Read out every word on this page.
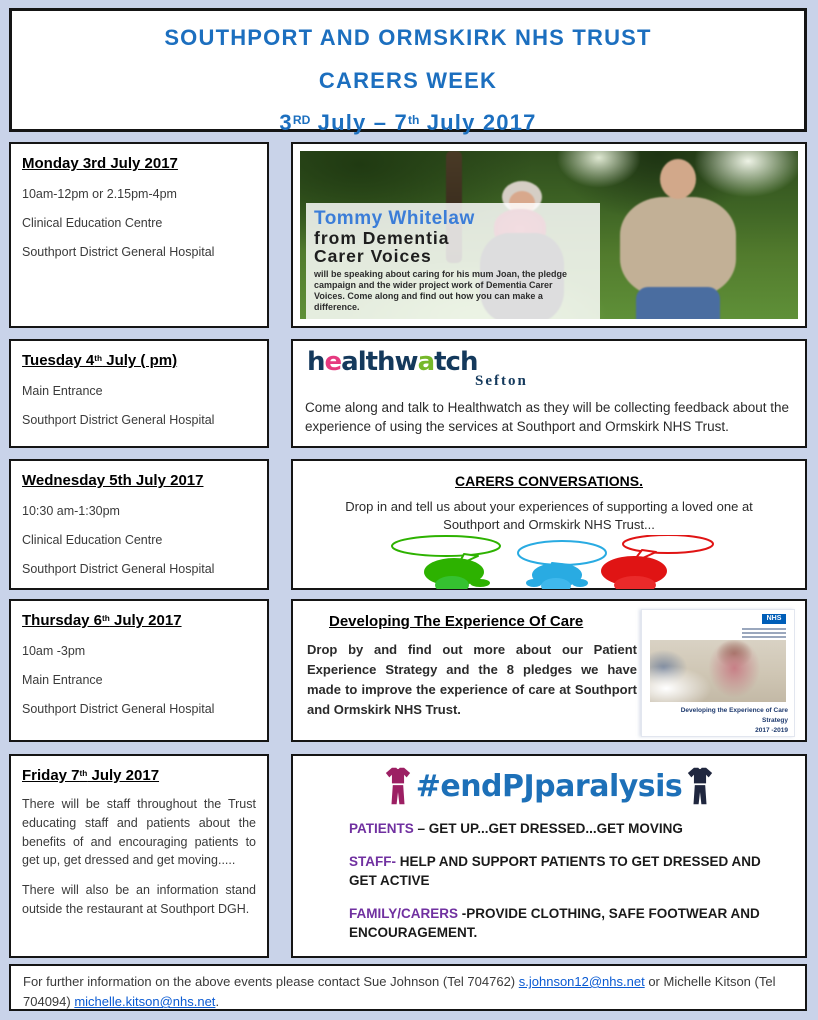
SOUTHPORT AND ORMSKIRK NHS TRUST

CARERS WEEK

3RD July – 7th July 2017

Monday 3rd July 2017

10am-12pm or 2.15pm-4pm

Clinical Education Centre

Southport District General Hospital

Tommy Whitelaw

from Dementia

Carer Voices

will be speaking about caring for his mum Joan, the pledge campaign and the wider project work of Dementia Carer Voices. Come along and find out how you can make a difference.

Tuesday 4th July ( pm)

Main Entrance

Southport District General Hospital

healthwatch

Sefton

Come along and talk to Healthwatch as they will be collecting feedback about the experience of using the services at Southport and Ormskirk NHS Trust.

Wednesday 5th July 2017

10:30 am-1:30pm

Clinical Education Centre

Southport District General Hospital

CARERS CONVERSATIONS.

Drop in and tell us about your experiences of supporting a loved one at Southport and Ormskirk NHS Trust...

Thursday 6th July 2017

10am -3pm

Main Entrance

Southport District General Hospital

Developing The Experience Of Care

Drop by and find out more about our Patient Experience Strategy and the 8 pledges we have made to improve the experience of care at Southport and Ormskirk NHS Trust.

NHS
Developing the Experience of Care
Strategy
2017 -2019

Friday 7th July 2017

There will be staff throughout the Trust educating staff and patients about the benefits of and encouraging patients to get up, get dressed and get moving.....

There will also be an information stand outside the restaurant at Southport DGH.

#endPJparalysis

PATIENTS – GET UP...GET DRESSED...GET MOVING

STAFF- HELP AND SUPPORT PATIENTS TO GET DRESSED AND GET ACTIVE

FAMILY/CARERS -PROVIDE CLOTHING, SAFE FOOTWEAR AND ENCOURAGEMENT.

For further information on the above events please contact Sue Johnson (Tel 704762) s.johnson12@nhs.net or Michelle Kitson (Tel 704094) michelle.kitson@nhs.net.
